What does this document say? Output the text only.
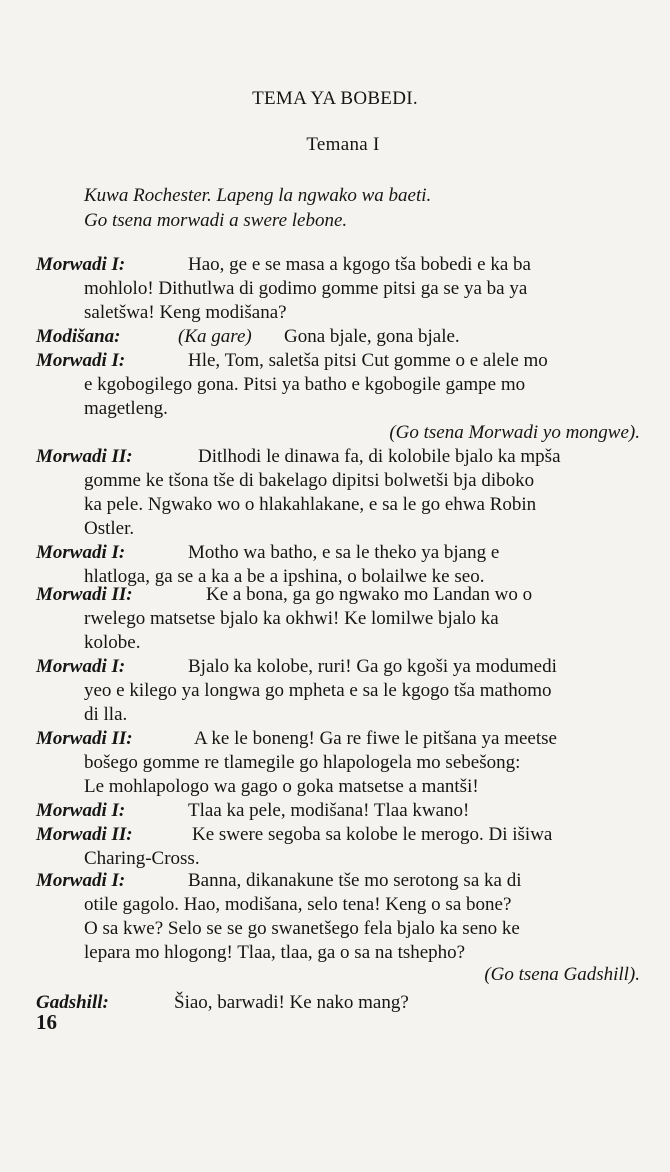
TEMA YA BOBEDI.
Temana I
Kuwa Rochester. Lapeng la ngwako wa baeti.
Go tsena morwadi a swere lebone.
Morwadi I:	Hao, ge e se masa a kgogo tša bobedi e ka ba
mohlolo! Dithutlwa di godimo gomme pitsi ga se ya ba ya
saletšwa! Keng modišana?
Modišana:	(Ka gare) Gona bjale, gona bjale.
Morwadi I:	Hle, Tom, saletša pitsi Cut gomme o e alele mo
e kgobogilego gona. Pitsi ya batho e kgobogile gampe mo
magetleng.
(Go tsena Morwadi yo mongwe).
Morwadi II:	Ditlhodi le dinawa fa, di kolobile bjalo ka mpša
gomme ke tšona tše di bakelago dipitsi bolwetši bja diboko
ka pele. Ngwako wo o hlakahlakane, e sa le go ehwa Robin
Ostler.
Morwadi I:	Motho wa batho, e sa le theko ya bjang e
hlatloga, ga se a ka a be a ipshina, o bolailwe ke seo.
Morwadi II:	Ke a bona, ga go ngwako mo Landan wo o
rwelego matsetse bjalo ka okhwi! Ke lomilwe bjalo ka
kolobe.
Morwadi I:	Bjalo ka kolobe, ruri! Ga go kgoši ya modumedi
yeo e kilego ya longwa go mpheta e sa le kgogo tša mathomo
di lla.
Morwadi II:	A ke le boneng! Ga re fiwe le pitšana ya meetse
bošego gomme re tlamegile go hlapologela mo sebešong:
Le mohlapologo wa gago o goka matsetse a mantši!
Morwadi I:	Tlaa ka pele, modišana! Tlaa kwano!
Morwadi II:	Ke swere segoba sa kolobe le merogo. Di išiwa
Charing-Cross.
Morwadi I:	Banna, dikanakune tše mo serotong sa ka di
otile gagolo. Hao, modišana, selo tena! Keng o sa bone?
O sa kwe? Selo se se go swanetšego fela bjalo ka seno ke
lepara mo hlogong! Tlaa, tlaa, ga o sa na tshepho?
(Go tsena Gadshill).
Gadshill:	Šiao, barwadi! Ke nako mang?
16
